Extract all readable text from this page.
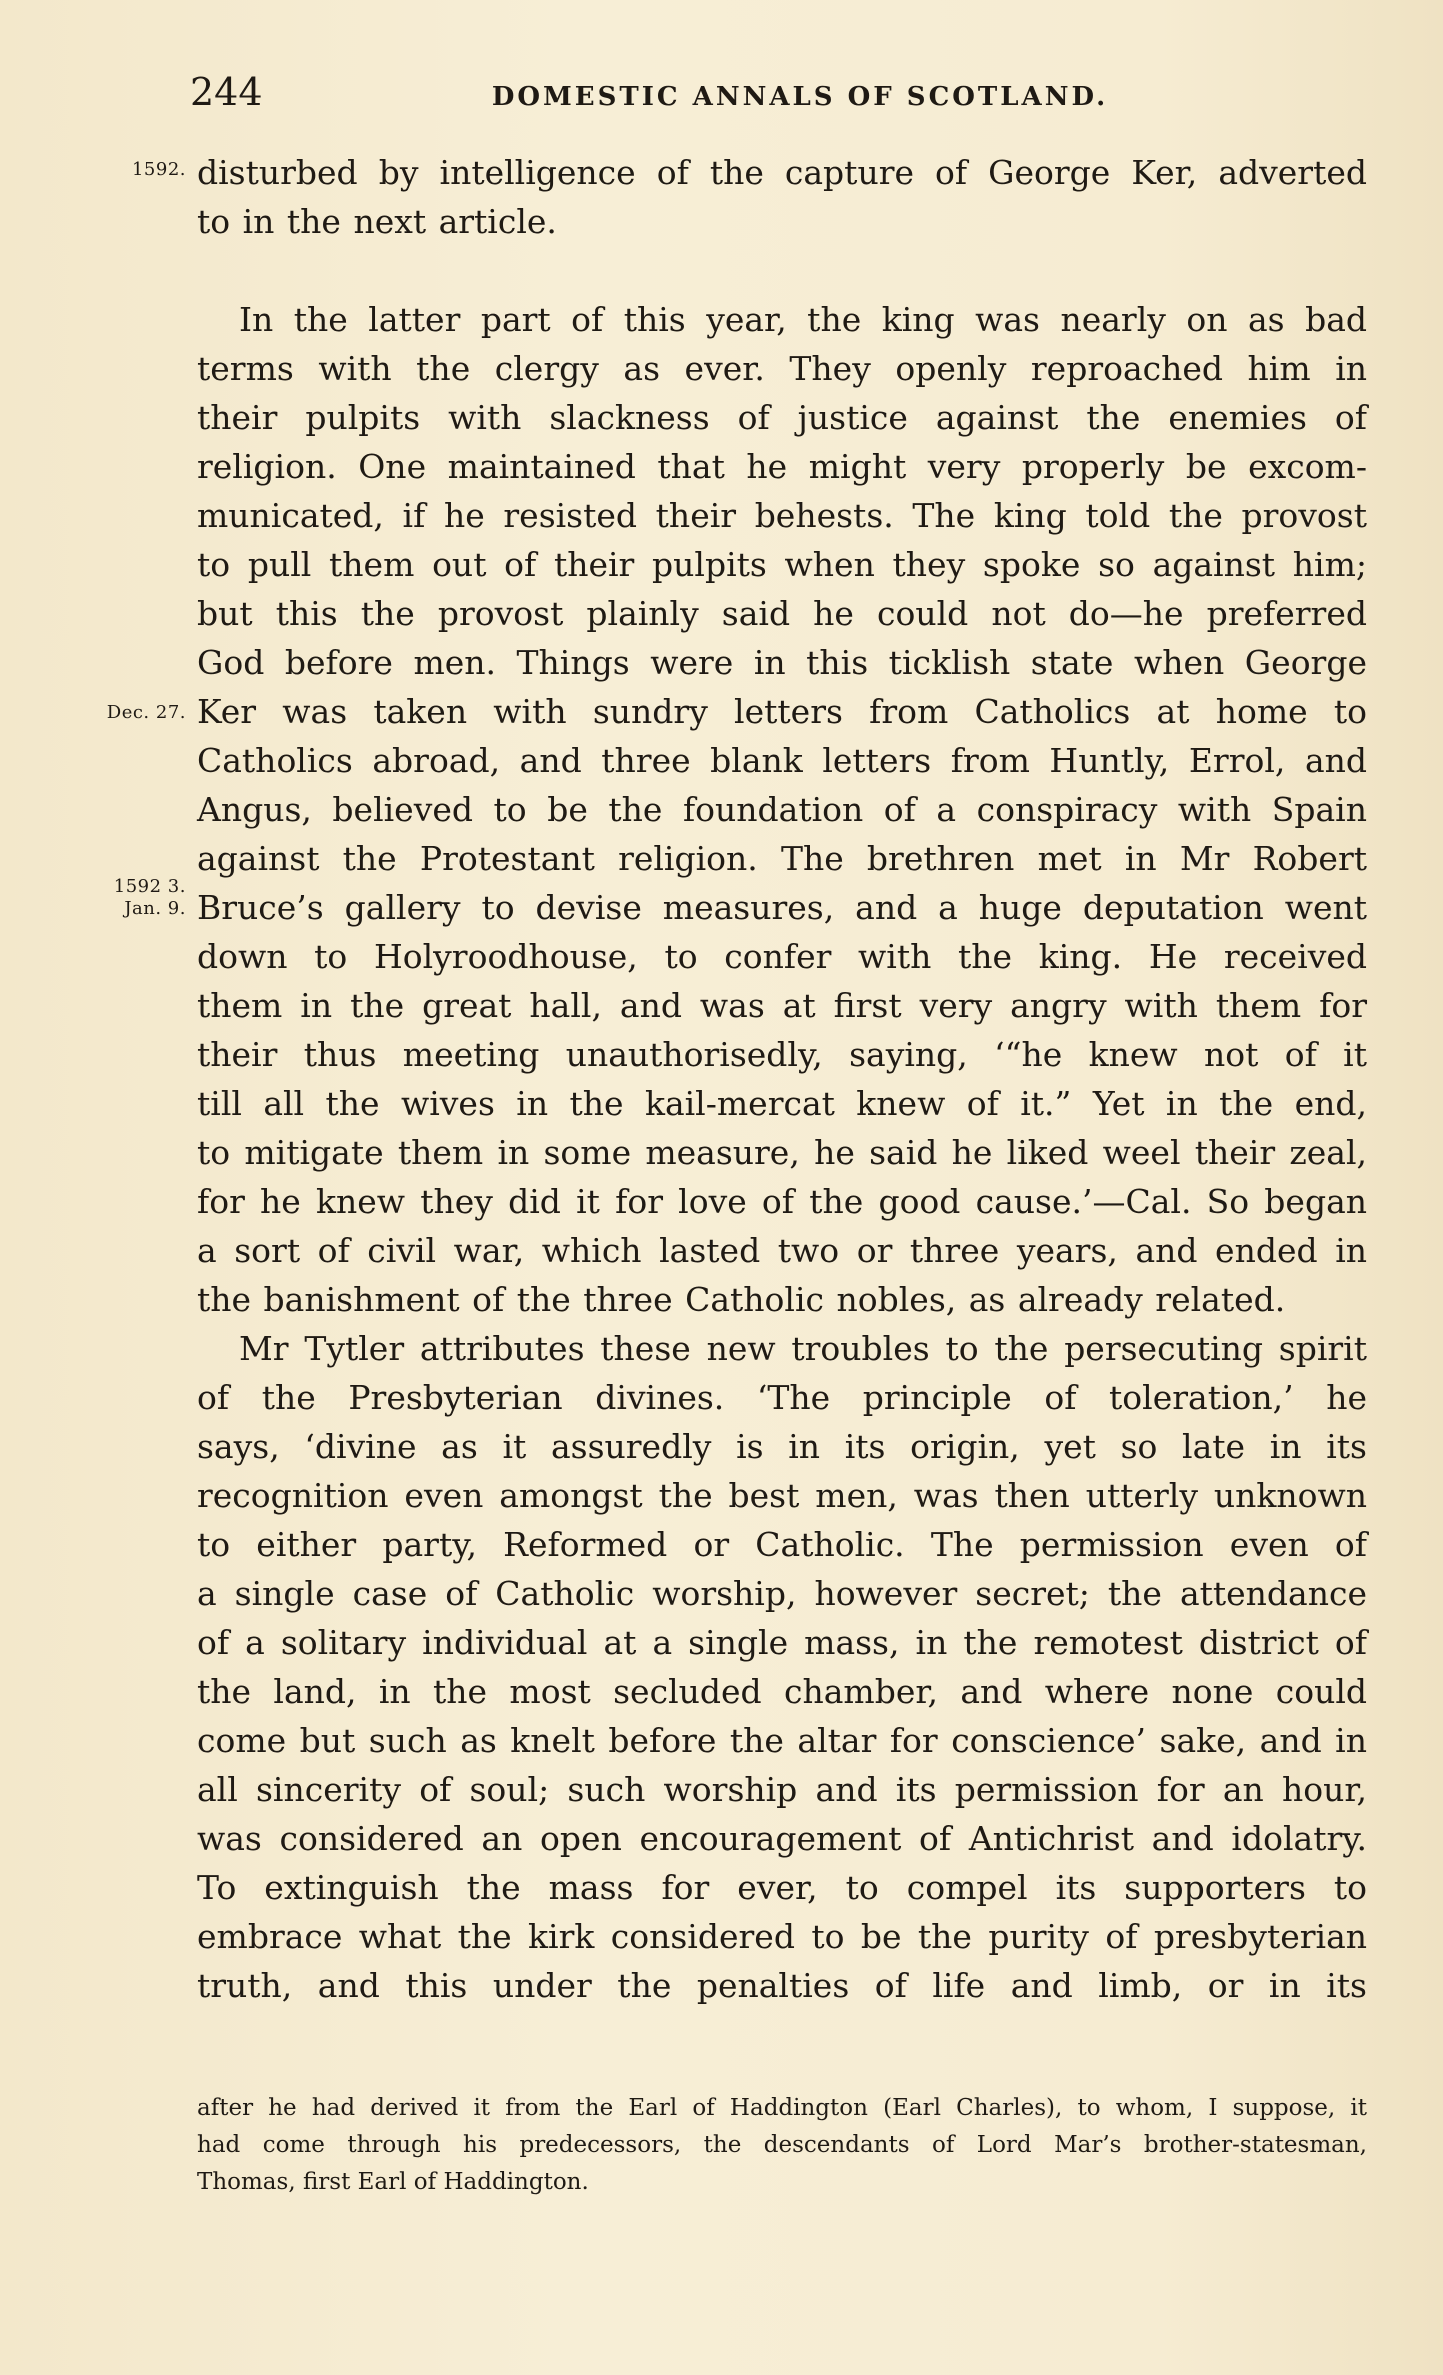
244	DOMESTIC ANNALS OF SCOTLAND.
1592.
Dec. 27.
1592 3.
Jan. 9.
disturbed by intelligence of the capture of George Ker, adverted
to in the next article.
In the latter part of this year, the king was nearly on as bad
terms with the clergy as ever. They openly reproached him in
their pulpits with slackness of justice against the enemies of
religion. One maintained that he might very properly be excom-
municated, if he resisted their behests. The king told the provost
to pull them out of their pulpits when they spoke so against him;
but this the provost plainly said he could not do—he preferred
God before men. Things were in this ticklish state when George
Ker was taken with sundry letters from Catholics at home to
Catholics abroad, and three blank letters from Huntly, Errol, and
Angus, believed to be the foundation of a conspiracy with Spain
against the Protestant religion. The brethren met in Mr Robert
Bruce’s gallery to devise measures, and a huge deputation went
down to Holyroodhouse, to confer with the king. He received
them in the great hall, and was at first very angry with them for
their thus meeting unauthorisedly, saying, ‘“he knew not of it
till all the wives in the kail-mercat knew of it.” Yet in the end,
to mitigate them in some measure, he said he liked weel their zeal,
for he knew they did it for love of the good cause.’—Cal. So began
a sort of civil war, which lasted two or three years, and ended in
the banishment of the three Catholic nobles, as already related.
Mr Tytler attributes these new troubles to the persecuting spirit
of the Presbyterian divines. ‘The principle of toleration,’ he
says, ‘divine as it assuredly is in its origin, yet so late in its
recognition even amongst the best men, was then utterly unknown
to either party, Reformed or Catholic. The permission even of
a single case of Catholic worship, however secret; the attendance
of a solitary individual at a single mass, in the remotest district of
the land, in the most secluded chamber, and where none could
come but such as knelt before the altar for conscience’ sake, and in
all sincerity of soul; such worship and its permission for an hour,
was considered an open encouragement of Antichrist and idolatry.
To extinguish the mass for ever, to compel its supporters to
embrace what the kirk considered to be the purity of presbyterian
truth, and this under the penalties of life and limb, or in its
after he had derived it from the Earl of Haddington (Earl Charles), to whom, I suppose, it
had come through his predecessors, the descendants of Lord Mar’s brother-statesman,
Thomas, first Earl of Haddington.
